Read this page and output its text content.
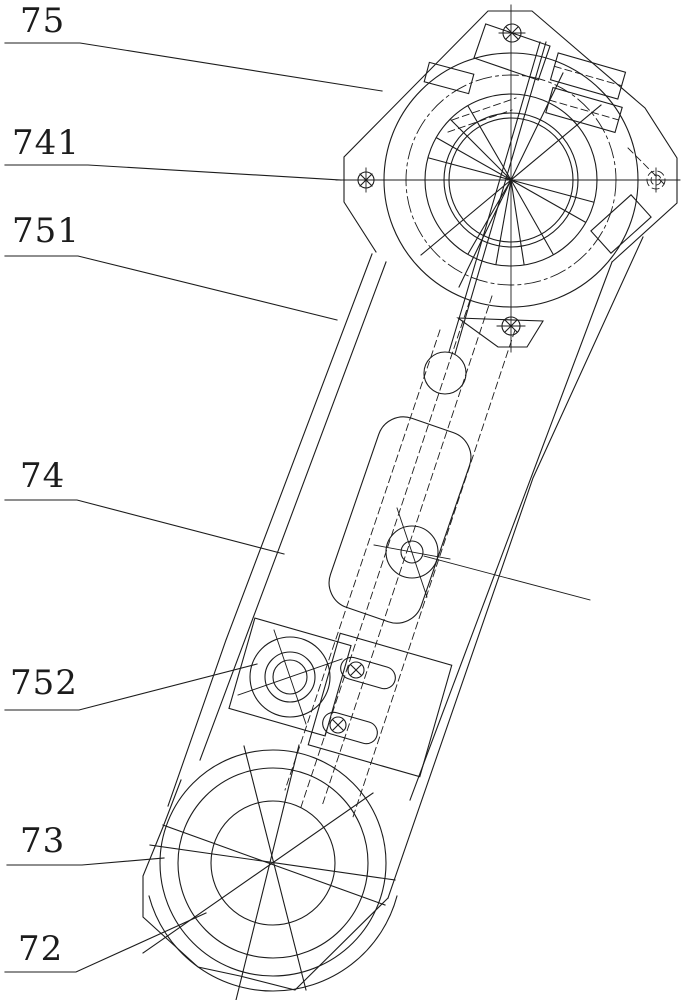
75
741
751
74
752
73
72
